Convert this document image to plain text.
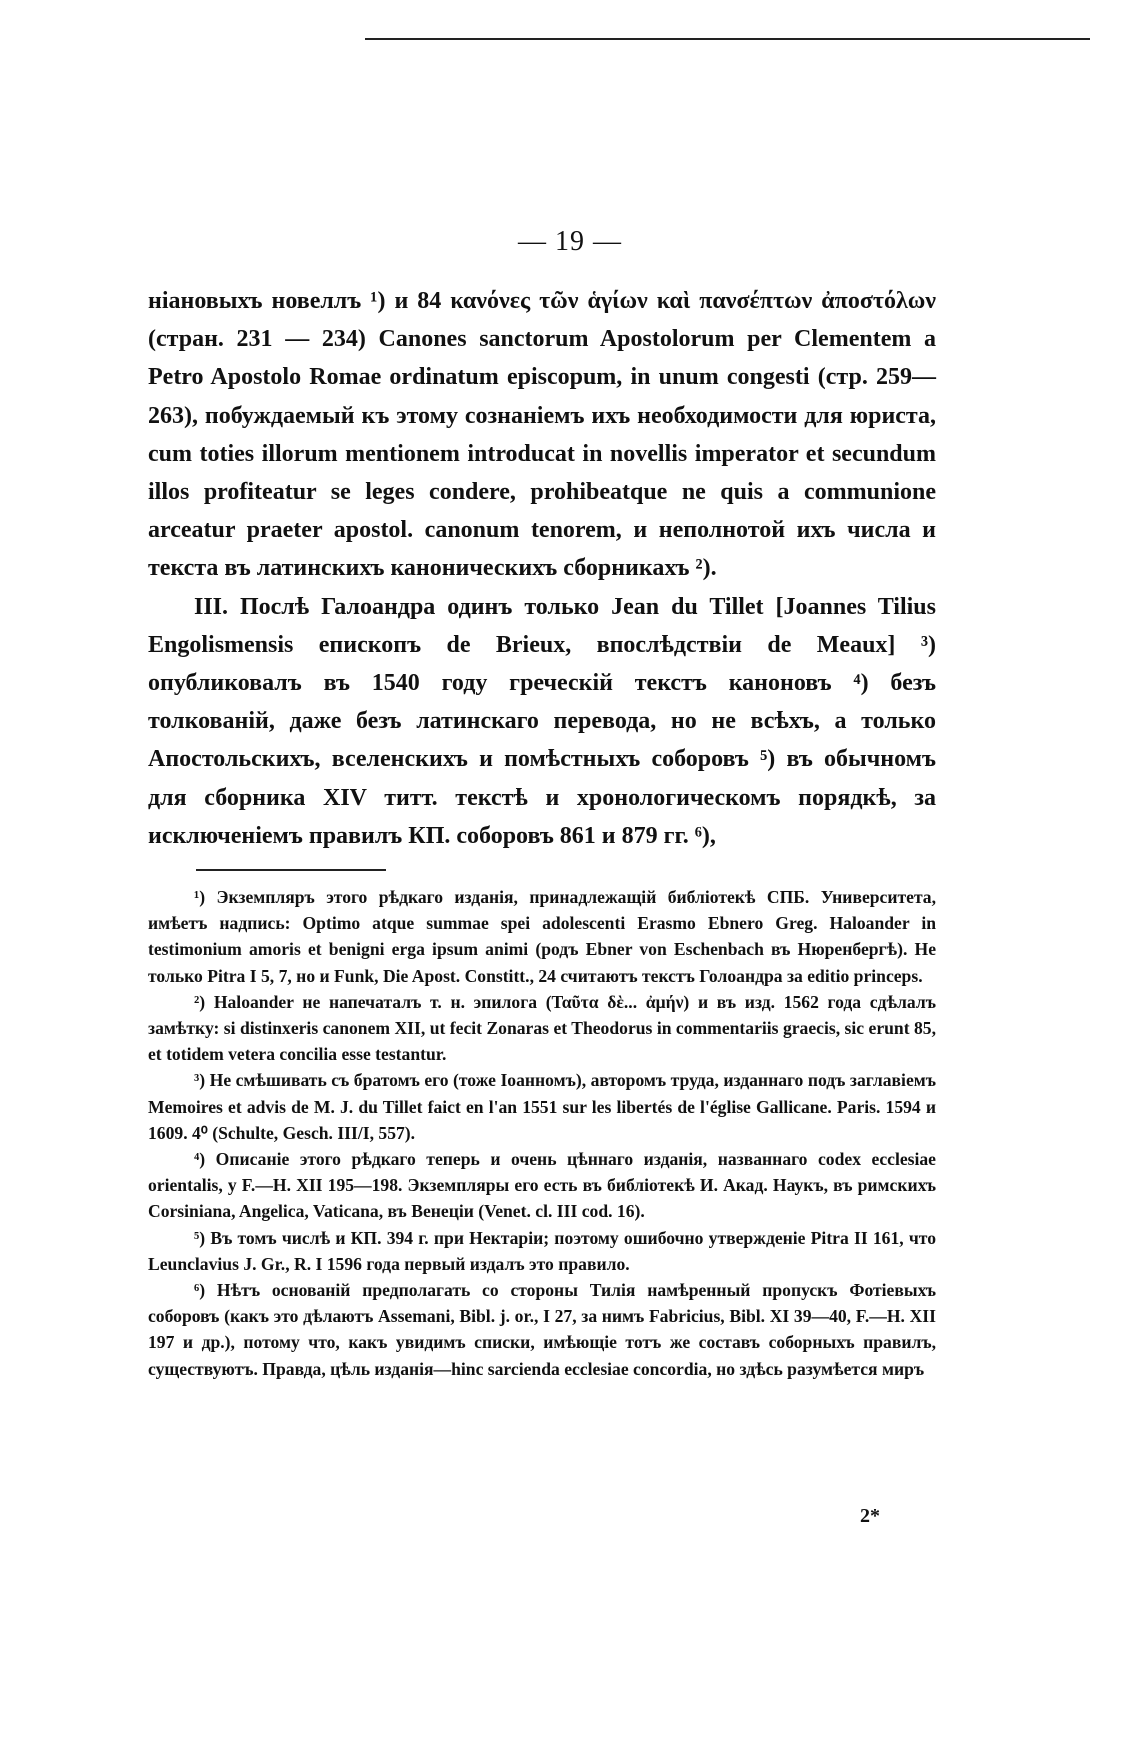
— 19 —

ніановыхъ новеллъ ¹) и 84 κανόνες τῶν ἁγίων καὶ πανσέπτων ἀποστόλων (стран. 231 — 234) Canones sanctorum Apostolorum per Clementem a Petro Apostolo Romae ordinatum episcopum, in unum congesti (стр. 259—263), побуждаемый къ этому сознаніемъ ихъ необходимости для юриста, cum toties illorum mentionem introducat in novellis imperator et secundum illos profiteatur se leges condere, prohibeatque ne quis a communione arceatur praeter apostol. canonum tenorem, и неполнотой ихъ числа и текста въ латинскихъ каноническихъ сборникахъ ²).

III. Послѣ Галоандра одинъ только Jean du Tillet [Joannes Tilius Engolismensis епископъ de Brieux, впослѣдствіи de Meaux] ³) опубликовалъ въ 1540 году греческій текстъ каноновъ ⁴) безъ толкованій, даже безъ латинскаго перевода, но не всѣхъ, а только Апостольскихъ, вселенскихъ и помѣстныхъ соборовъ ⁵) въ обычномъ для сборника XIV титт. текстѣ и хронологическомъ порядкѣ, за исключеніемъ правилъ КП. соборовъ 861 и 879 гг. ⁶),

¹) Экземпляръ этого рѣдкаго изданія, принадлежащій библіотекѣ СПБ. Университета, имѣетъ надпись: Optimo atque summae spei adolescenti Erasmo Ebnero Greg. Haloander in testimonium amoris et benigni erga ipsum animi (родъ Ebner von Eschenbach въ Нюренбергѣ). Не только Pitra I 5, 7, но и Funk, Die Apost. Constitt., 24 считаютъ текстъ Голоандра за editio princeps.

²) Haloander не напечаталъ т. н. эпилога (Ταῦτα δὲ... ἀμήν) и въ изд. 1562 года сдѣлалъ замѣтку: si distinxeris canonem XII, ut fecit Zonaras et Theodorus in commentariis graecis, sic erunt 85, et totidem vetera concilia esse testantur.

³) Не смѣшивать съ братомъ его (тоже Іоанномъ), авторомъ труда, изданнаго подъ заглавіемъ Memoires et advis de M. J. du Tillet faict en l'an 1551 sur les libertés de l'église Gallicane. Paris. 1594 и 1609. 4⁰ (Schulte, Gesch. III/I, 557).

⁴) Описаніе этого рѣдкаго теперь и очень цѣннаго изданія, названнаго codex ecclesiae orientalis, у F.—H. XII 195—198. Экземпляры его есть въ библіотекѣ И. Акад. Наукъ, въ римскихъ Corsiniana, Angelica, Vaticana, въ Венеціи (Venet. cl. III cod. 16).

⁵) Въ томъ числѣ и КП. 394 г. при Нектаріи; поэтому ошибочно утвержденіе Pitra II 161, что Leunclavius J. Gr., R. I 1596 года первый издалъ это правило.

⁶) Нѣтъ основаній предполагать со стороны Тилія намѣренный пропускъ Фотіевыхъ соборовъ (какъ это дѣлаютъ Assemani, Bibl. j. or., I 27, за нимъ Fabricius, Bibl. XI 39—40, F.—H. XII 197 и др.), потому что, какъ увидимъ списки, имѣющіе тотъ же составъ соборныхъ правилъ, существуютъ. Правда, цѣль изданія—hinc sarcienda ecclesiae concordia, но здѣсь разумѣется миръ

2*
